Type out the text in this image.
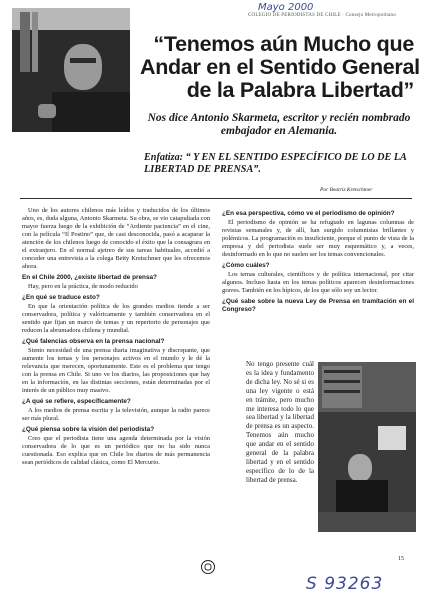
Mayo 2000
COLEGIO DE PERIODISTAS DE CHILE · Consejo Metropolitano
“Tenemos aún Mucho que
Andar en el Sentido General
de la Palabra Libertad”
Nos dice Antonio Skarmeta, escritor y recién nombrado
embajador en Alemania.
Enfatiza: “ Y EN EL SENTIDO ESPECÍFICO DE LO DE LA LIBERTAD DE PRENSA”.
Por Beatriz Kretschmer

Uno de los autores chilenos más leídos y traducidos de los últimos años, es, duda alguna, Antonio Skarmeta. Su obra, se vio catapultada con mayor fuerza luego de la exhibición de “Ardiente paciencia” en el cine, con la película “Il Postino” que, de casi desconocida, pasó a acaparar la atención de los chilenos luego de conocido el éxito que la consagrara en el extranjero. En el normal ajetreo de sus tareas habituales, accedió a conceder una entrevista a la colega Betty Kretschmer que les ofrecemos ahora.

En el Chile 2000, ¿existe libertad de prensa?

Hay, pero en la práctica, de modo reducido

¿En qué se traduce esto?

En que la orientación política de los grandes medios tiende a ser conservadora, política y valóricamente y también conservadora en el sentido que fijan un marco de temas y un repertorio de personajes que reducen la abrumadora chilena y mundial.

¿Qué falencias observa en la prensa nacional?

Siento necesidad de una prensa diaria imaginativa y discrepante, que aumente los temas y los personajes activos en el mundo y le dé la relevancia que merecen, oportunamente. Este es el problema que tengo con la prensa en Chile. Si uno ve los diarios, las proposiciones que hay en la información, en las distintas secciones, están determinadas por el interés de un público muy masivo.

¿A qué se refiere, específicamente?

A los medios de prensa escrita y la televisión, aunque la radio parece ser más plural.

¿Qué piensa sobre la visión del periodista?

Creo que el periodista tiene una agenda determinada por la visión conservadora de lo que es un periódico que no ha sido nunca cuestionada. Eso explica que en Chile los diarios de más permanencia sean periódicos de calidad clásica, como El Mercurio.

¿En esa perspectiva, cómo ve el periodismo de opinión?

El periodismo de opinión se ha refugiado en lagunas columnas de revistas semanales y, de allí, han surgido columnistas brillantes y polémicos. La programación es insuficiente, porque el punto de vista de la empresa y del periodista suele ser muy esquemático y, a veces, desinformado en lo que no suelen ser los temas convencionales.

¿Cómo cuáles?

Los temas culturales, científicos y de política internacional, por citar algunos. Incluso hasta en los temas políticos aparecen desinformaciones graves. También en los hípicos, de los que sólo soy un lector.

¿Qué sabe sobre la nueva Ley de Prensa en tramitación en el Congreso?

No tengo presente cuál es la idea y fundamento de dicha ley. No sé si es una ley vigente o está en trámite, pero mucho me interesa todo lo que sea libertad y la libertad de prensa es un aspecto. Tenemos aún mucho que andar en el sentido general de la palabra libertad y en el sentido específico de lo de la libertad de prensa.
15
S 93263
